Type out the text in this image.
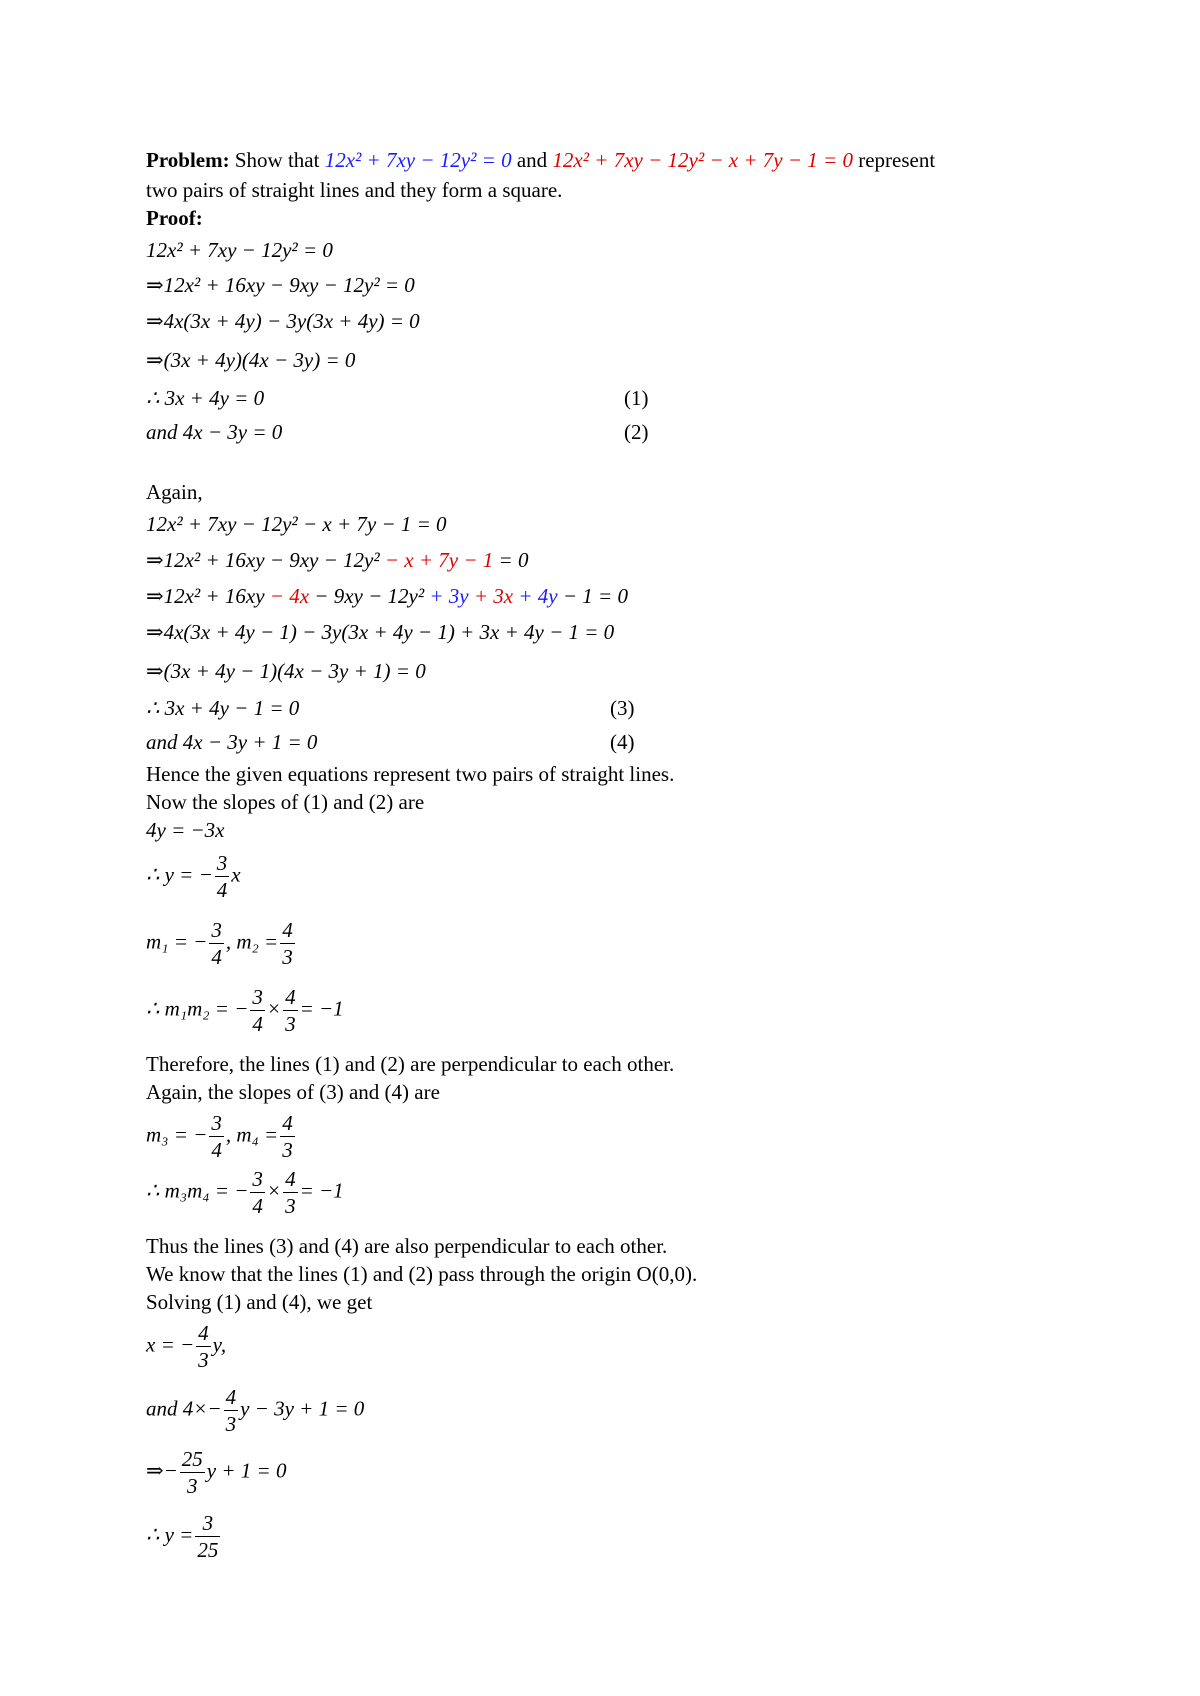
Problem: Show that 12x² + 7xy − 12y² = 0 and 12x² + 7xy − 12y² − x + 7y − 1 = 0 represent
two pairs of straight lines and they form a square.
Proof:
12x² + 7xy − 12y² = 0
⇒12x² + 16xy − 9xy − 12y² = 0
⇒4x(3x + 4y) − 3y(3x + 4y) = 0
⇒(3x + 4y)(4x − 3y) = 0
∴ 3x + 4y = 0	(1)
and 4x − 3y = 0	(2)
Again,
12x² + 7xy − 12y² − x + 7y − 1 = 0
⇒12x² + 16xy − 9xy − 12y² − x + 7y − 1 = 0
⇒12x² + 16xy − 4x − 9xy − 12y² + 3y + 3x + 4y − 1 = 0
⇒4x(3x + 4y − 1) − 3y(3x + 4y − 1) + 3x + 4y − 1 = 0
⇒(3x + 4y − 1)(4x − 3y + 1) = 0
∴ 3x + 4y − 1 = 0	(3)
and 4x − 3y + 1 = 0	(4)
Hence the given equations represent two pairs of straight lines.
Now the slopes of (1) and (2) are
4y = −3x
∴ y = − $\frac{3}{4}$ x
m₁ = − $\frac{3}{4}$ , $m_2 = \frac{4}{3}$
∴ m₁m₂ = − $\frac{3}{4} \times \frac{4}{3} = -1$
Therefore, the lines (1) and (2) are perpendicular to each other.
Again, the slopes of (3) and (4) are
m₃ = − $\frac{3}{4}$ , $m_4 = \frac{4}{3}$
∴ m₃m₄ = − $\frac{3}{4} \times \frac{4}{3} = -1$
Thus the lines (3) and (4) are also perpendicular to each other.
We know that the lines (1) and (2) pass through the origin O(0,0).
Solving (1) and (4), we get
x = − $\frac{4}{3} y$,
and $4\times- \frac{4}{3}$ y − 3y + 1 = 0
⇒− $\frac{25}{3}$ y + 1 = 0
∴ $y = \frac{3}{25}$
